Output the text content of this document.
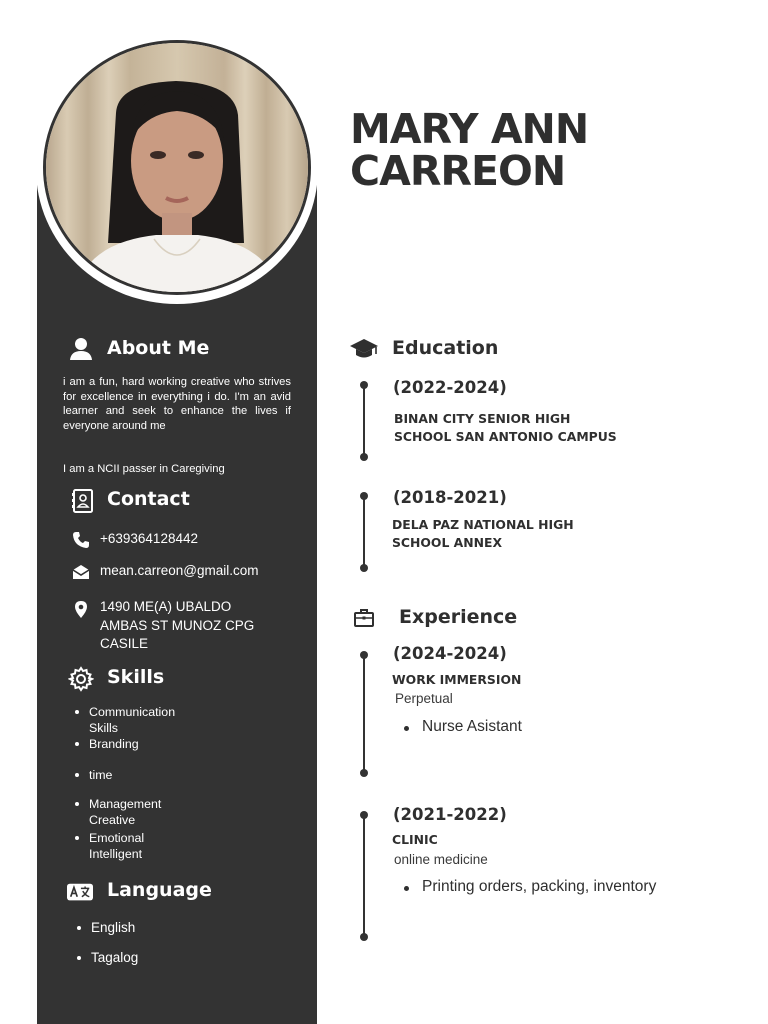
MARY ANN
CARREON
About Me
i am a fun, hard working creative who strives for excellence in everything i do. I'm an avid learner and seek to enhance the lives if everyone around me
I am a NCII passer in Caregiving
Contact
+639364128442
mean.carreon@gmail.com
1490 ME(A) UBALDO
AMBAS ST MUNOZ CPG
CASILE
Skills
Communication
Skills
Branding
time
Management
Creative
Emotional
Intelligent
Language
English
Tagalog
Education
(2022-2024)
BINAN CITY SENIOR HIGH
SCHOOL SAN ANTONIO CAMPUS
(2018-2021)
DELA PAZ NATIONAL HIGH
SCHOOL ANNEX
Experience
(2024-2024)
WORK IMMERSION
Perpetual
Nurse Asistant
(2021-2022)
CLINIC
online medicine
Printing orders, packing, inventory
